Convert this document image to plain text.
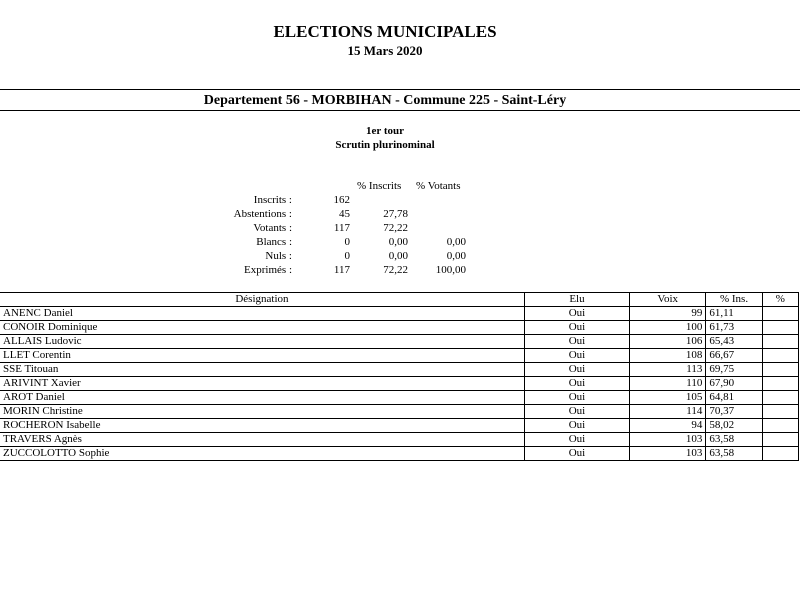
ELECTIONS MUNICIPALES
15 Mars 2020
Departement 56 - MORBIHAN - Commune 225 - Saint-Léry
1er tour
Scrutin plurinominal
% Inscrits % Votants
Inscrits :	162
Abstentions :	45	27,78
Votants :	117	72,22
Blancs :	0	0,00	0,00
Nuls :	0	0,00	0,00
Exprimés :	117	72,22	100,00
Désignation	Elu	Voix	% Ins.	%
ANENC Daniel	Oui	99	61,11	
CONOIR Dominique	Oui	100	61,73	
ALLAIS Ludovic	Oui	106	65,43	
LLET Corentin	Oui	108	66,67	
SSE Titouan	Oui	113	69,75	
ARIVINT Xavier	Oui	110	67,90	
AROT Daniel	Oui	105	64,81	
MORIN Christine	Oui	114	70,37	
ROCHERON Isabelle	Oui	94	58,02	
TRAVERS Agnès	Oui	103	63,58	
ZUCCOLOTTO Sophie	Oui	103	63,58	
